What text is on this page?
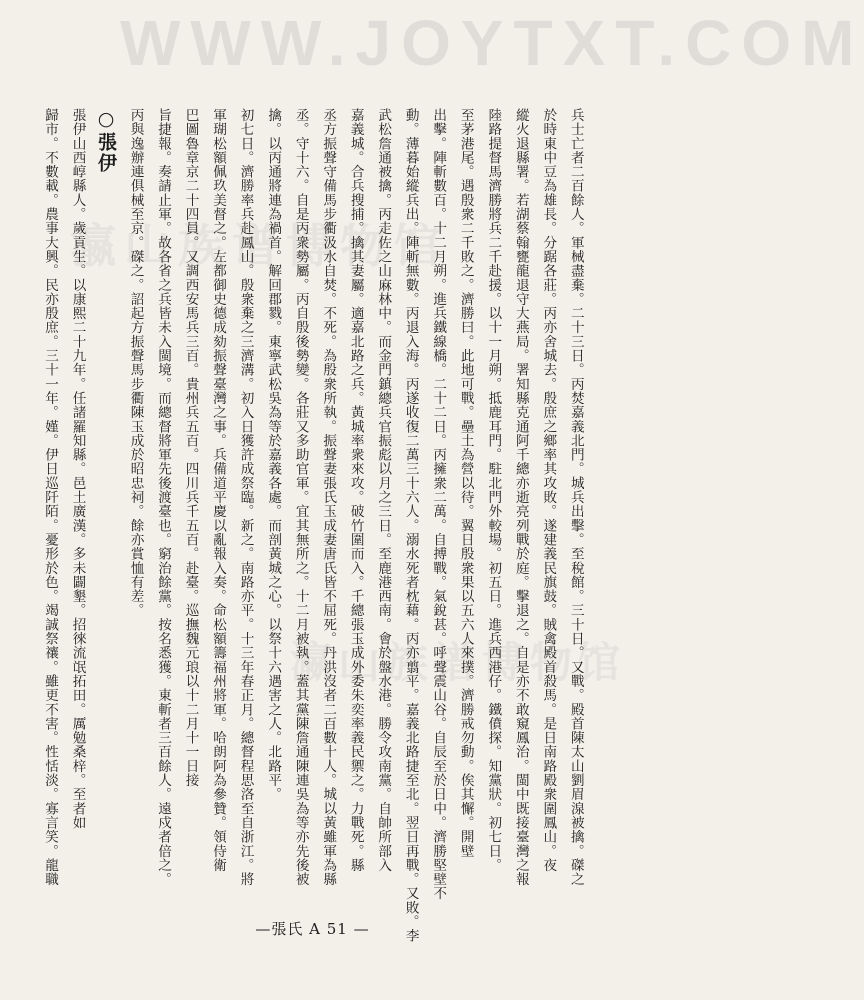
WWW.JOYTXT.COM
瀛山族谱博物馆
瀛山族谱博物馆
兵士亡者二百餘人。軍械盡棄。二十三日。丙焚嘉義北門。城兵出擊。至稅館。三十日。又戰。殿首陳太山劉眉湶被擒。磔之
於時東中豆為雄長。分踞各莊。丙亦舍城去。殷庶之鄉率其攻敗。遂建義民旗鼓。賊禽殿首殺馬。是日南路殿衆圍鳳山。夜
縱火退縣署。若湖蔡翰甕龍退守大燕局。署知縣克通阿千總亦逝亮列戰於庭。擊退之。自是亦不敢窺鳳治。閩中既接臺灣之報
陸路提督馬濟勝將兵二千赴援。以十一月朔。抵鹿耳門。駐北門外較場。初五日。進兵西港仔。鐵僨探。知黨狀。初七日。
至茅港尾。遇殷衆二千敗之。濟勝曰。此地可戰。壘土為營以待。翼日殷衆果以五六人來撲。濟勝戒勿動。俟其懈。開壁
出擊。陣斬數百。十二月朔。進兵鐵線橋。二十二日。丙擁衆二萬。自搏戰。氣銳甚。呼聲震山谷。自辰至於日中。濟勝堅壁不
動。薄暮始縱兵出。陣斬無數。丙退入海。丙遂收復二萬三十六人。溺水死者枕藉。丙亦翦平。嘉義北路捷至北。翌日再戰。又敗。李
武松詹通被擒。丙走佐之山麻林中。而金門鎮總兵官振彪以月之三日。至鹿港西南。會於盤水港。勝令攻南黨。自帥所部入
嘉義城。合兵搜捕。擒其妻屬。適嘉北路之兵。黃城率衆來攻。破竹圍而入。千總張玉成外委朱奕率義民禦之。力戰死。縣
丞方振聲守備馬步衢汲水自焚。不死。為殷衆所執。振聲妻張氏玉成妻唐氏皆不屈死。丹洪沒者二百數十人。城以黃雖軍為縣
丞。守十六。自是丙衆勢屬。丙自殷後勢變。各莊又多助官軍。宜其無所之。十二月被執。蓋其黨陳詹通陳連吳為等亦先後被
擒。以丙通將連為禍首。解回郡戮。東寧武松吳為等於嘉義各處。而剖黃城之心。以祭十六遇害之人。北路平。
初七日。濟勝率兵赴鳳山。殷衆棄之三濟溝。初入日獲許成祭臨。新之。南路亦平。十三年春正月。總督程思洛至自浙江。將
軍瑚松額佩玖美督之。左都御史德成劾振聲臺灣之事。兵備道平慶以亂報入奏。命松額籌福州將軍。哈朗阿為參贊。領侍衛
巴圖魯章京二十四員。又調西安馬兵三百。貴州兵五百。四川兵千五百。赴臺。巡撫魏元琅以十二月十一日接
旨捷報。奏請止軍。故各省之兵皆未入閩境。而總督將軍先後渡臺也。窮治餘黨。按名悉獲。東斬者三百餘人。遠戍者倍之。
丙與逸辦連俱械至京。磔之。詔起方振聲馬步衢陳玉成於昭忠祠。餘亦賞恤有差。
○張伊
張伊山西崞縣人。歲貢生。以康熙二十九年。任諸羅知縣。邑土廣漢。多未闢墾。招徠流氓拓田。厲勉桑梓。至者如
歸市。不數載。農事大興。民亦殷庶。三十一年。嫤。伊日巡阡陌。憂形於色。竭誠祭禳。雖更不害。性恬淡。寡言笑。龍職
—張氏 A 51 —
